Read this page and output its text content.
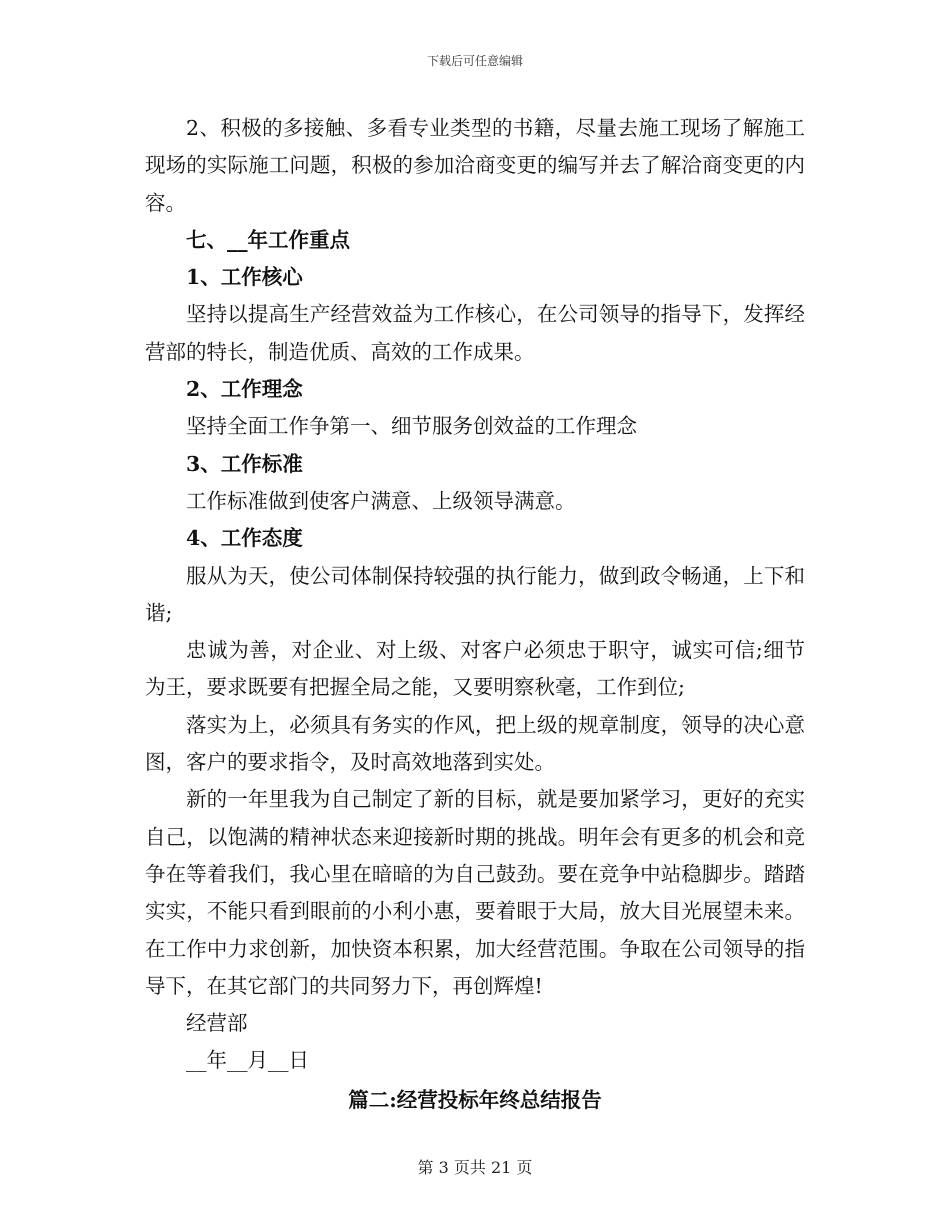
下载后可任意编辑

2、积极的多接触、多看专业类型的书籍，尽量去施工现场了解施工现场的实际施工问题，积极的参加洽商变更的编写并去了解洽商变更的内容。

七、__年工作重点

1、工作核心

坚持以提高生产经营效益为工作核心，在公司领导的指导下，发挥经营部的特长，制造优质、高效的工作成果。

2、工作理念

坚持全面工作争第一、细节服务创效益的工作理念

3、工作标准

工作标准做到使客户满意、上级领导满意。

4、工作态度

服从为天，使公司体制保持较强的执行能力，做到政令畅通，上下和谐;

忠诚为善，对企业、对上级、对客户必须忠于职守，诚实可信;细节为王，要求既要有把握全局之能，又要明察秋毫，工作到位;

落实为上，必须具有务实的作风，把上级的规章制度，领导的决心意图，客户的要求指令，及时高效地落到实处。

新的一年里我为自己制定了新的目标，就是要加紧学习，更好的充实自己，以饱满的精神状态来迎接新时期的挑战。明年会有更多的机会和竞争在等着我们，我心里在暗暗的为自己鼓劲。要在竞争中站稳脚步。踏踏实实，不能只看到眼前的小利小惠，要着眼于大局，放大目光展望未来。在工作中力求创新，加快资本积累，加大经营范围。争取在公司领导的指导下，在其它部门的共同努力下，再创辉煌!

经营部

__年__月__日

篇二:经营投标年终总结报告

第 3 页共 21 页
